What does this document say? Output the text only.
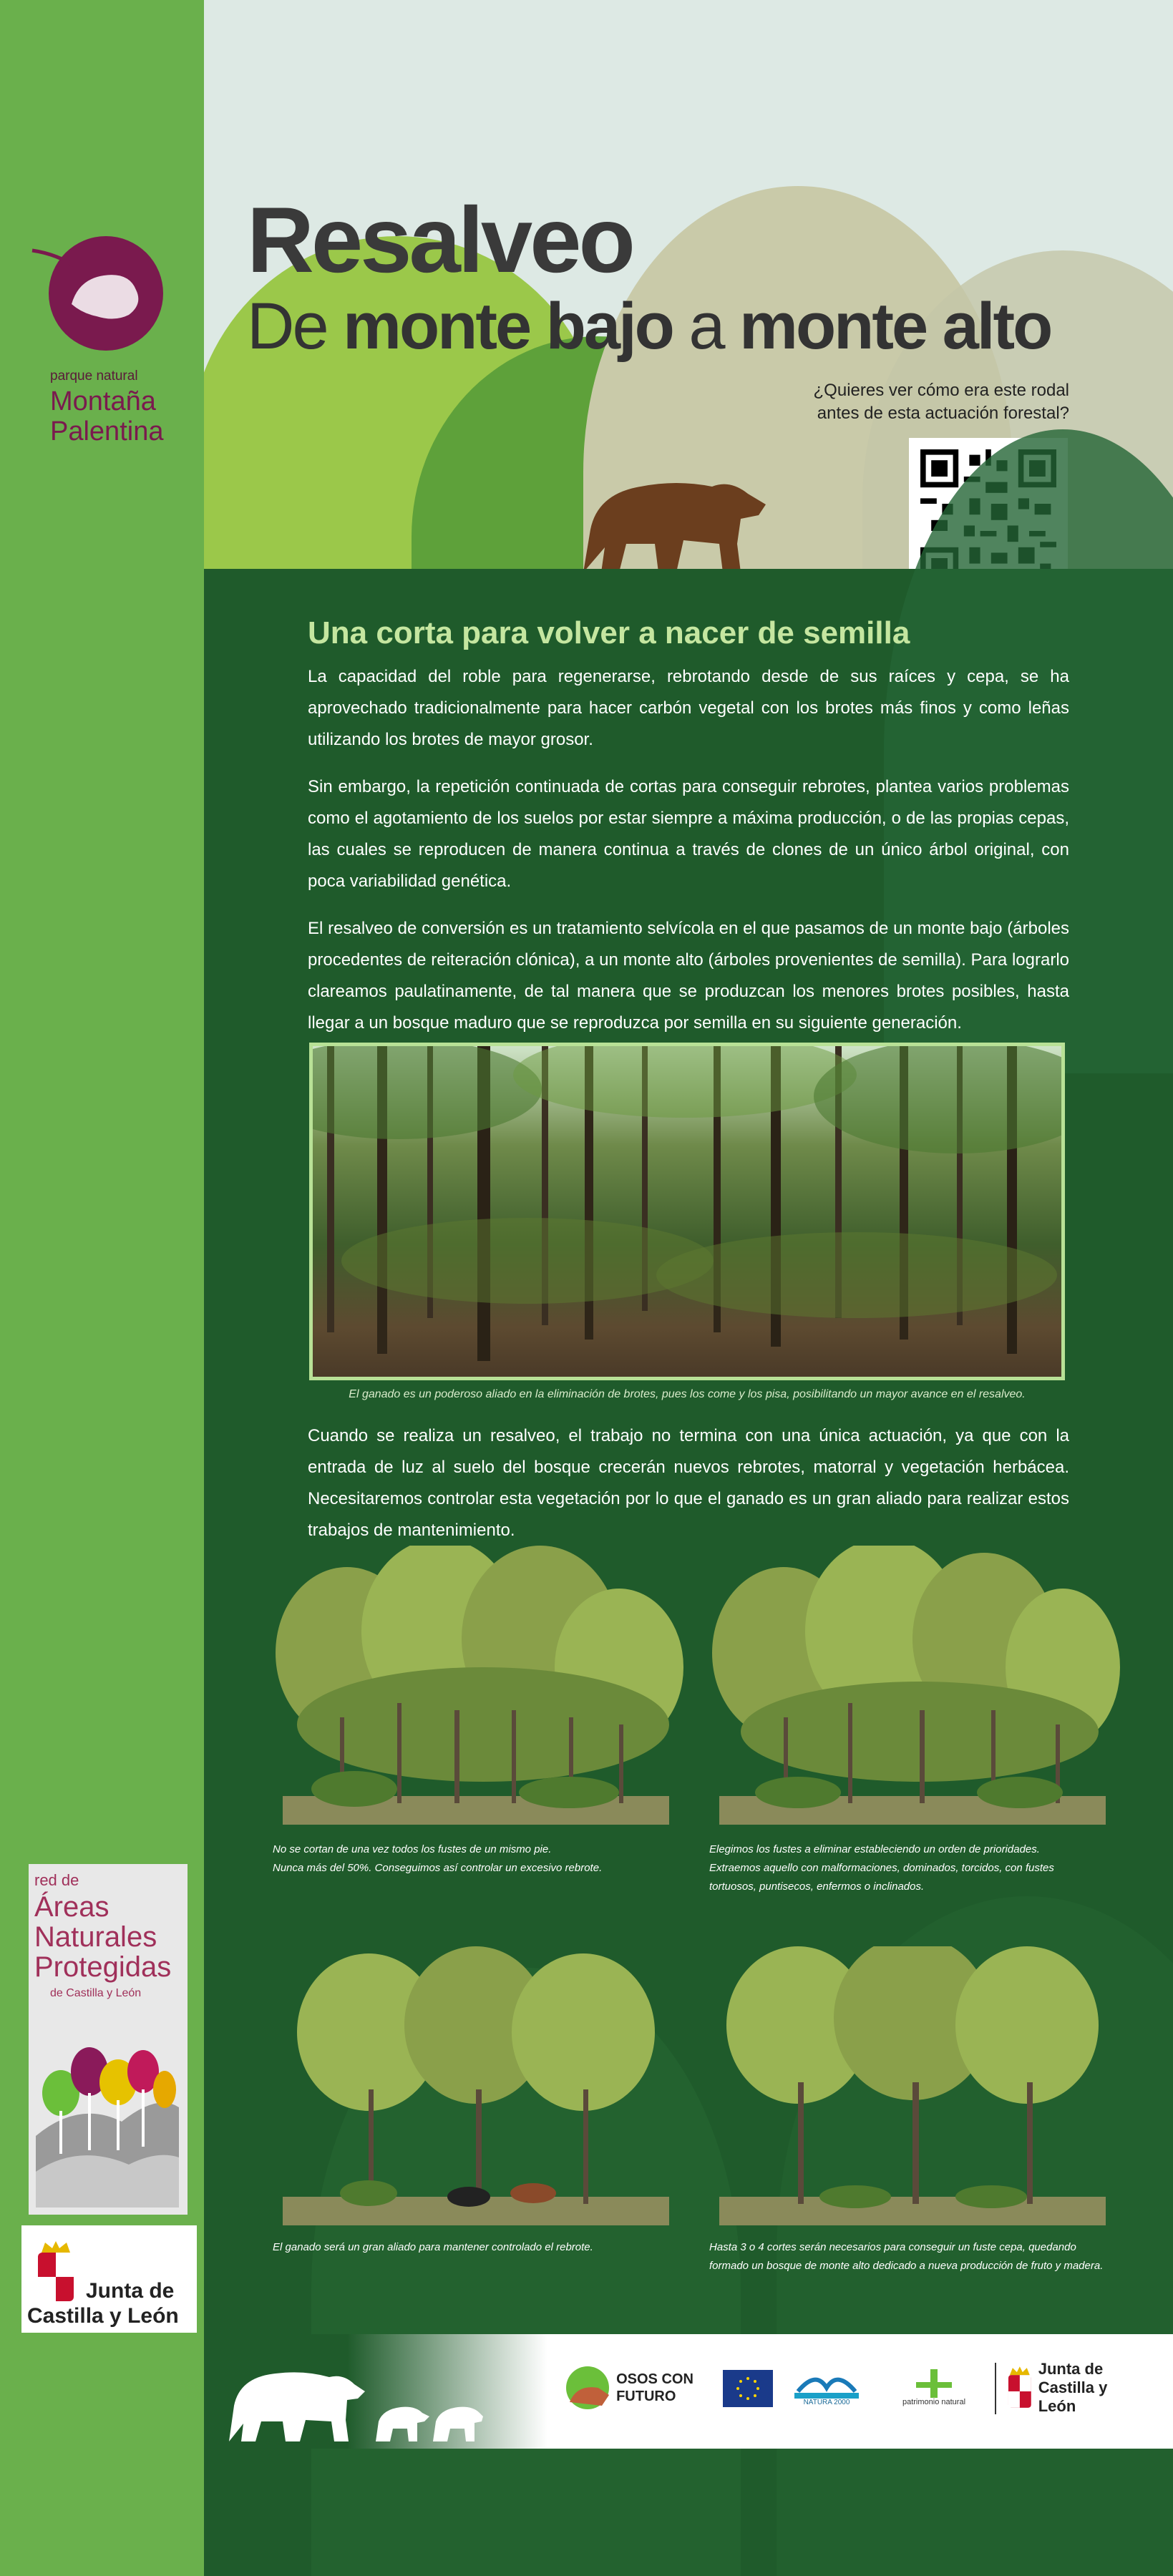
parque natural
Montaña
Palentina
red de
Áreas
Naturales
Protegidas
de Castilla y León
Junta de
Castilla y León
Resalveo
De monte bajo a monte alto
¿Quieres ver cómo era este rodal
antes de esta actuación forestal?
Una corta para volver a nacer de semilla
La capacidad del roble para regenerarse, rebrotando desde de sus raíces y cepa, se ha aprovechado tradicionalmente para hacer carbón vegetal con los brotes más finos y como leñas utilizando los brotes de mayor grosor.
Sin embargo, la repetición continuada de cortas para conseguir rebrotes, plantea varios problemas como el agotamiento de los suelos por estar siempre a máxima producción, o de las propias cepas, las cuales se reproducen de manera continua a través de clones de un único árbol original, con poca variabilidad genética.
El resalveo de conversión es un tratamiento selvícola en el que pasamos de un monte bajo (árboles procedentes de reiteración clónica), a un monte alto (árboles provenientes de semilla). Para lograrlo clareamos paulatinamente, de tal manera que se produzcan los menores brotes posibles, hasta llegar a un bosque maduro que se reproduzca por semilla en su siguiente generación.
El ganado es un poderoso aliado en la eliminación de brotes, pues los come y los pisa, posibilitando un mayor avance en el resalveo.
Cuando se realiza un resalveo, el trabajo no termina con una única actuación, ya que con la entrada de luz al suelo del bosque crecerán nuevos rebrotes, matorral y vegetación herbácea. Necesitaremos controlar esta vegetación por lo que el ganado es un gran aliado para realizar estos trabajos de mantenimiento.
No se cortan de una vez todos los fustes de un mismo pie.
Nunca más del 50%. Conseguimos así controlar un excesivo rebrote.
Elegimos los fustes a eliminar estableciendo un orden de prioridades.
Extraemos aquello con malformaciones, dominados, torcidos, con fustes
tortuosos, puntisecos, enfermos o inclinados.
El ganado será un gran aliado para mantener controlado el rebrote.	Hasta 3 o 4 cortes serán necesarios para conseguir un fuste cepa, quedando
formado un bosque de monte alto dedicado a nueva producción de fruto y madera.
OSOS CON
FUTURO	NATURA 2000	patrimonio natural
Junta de
Castilla y León
